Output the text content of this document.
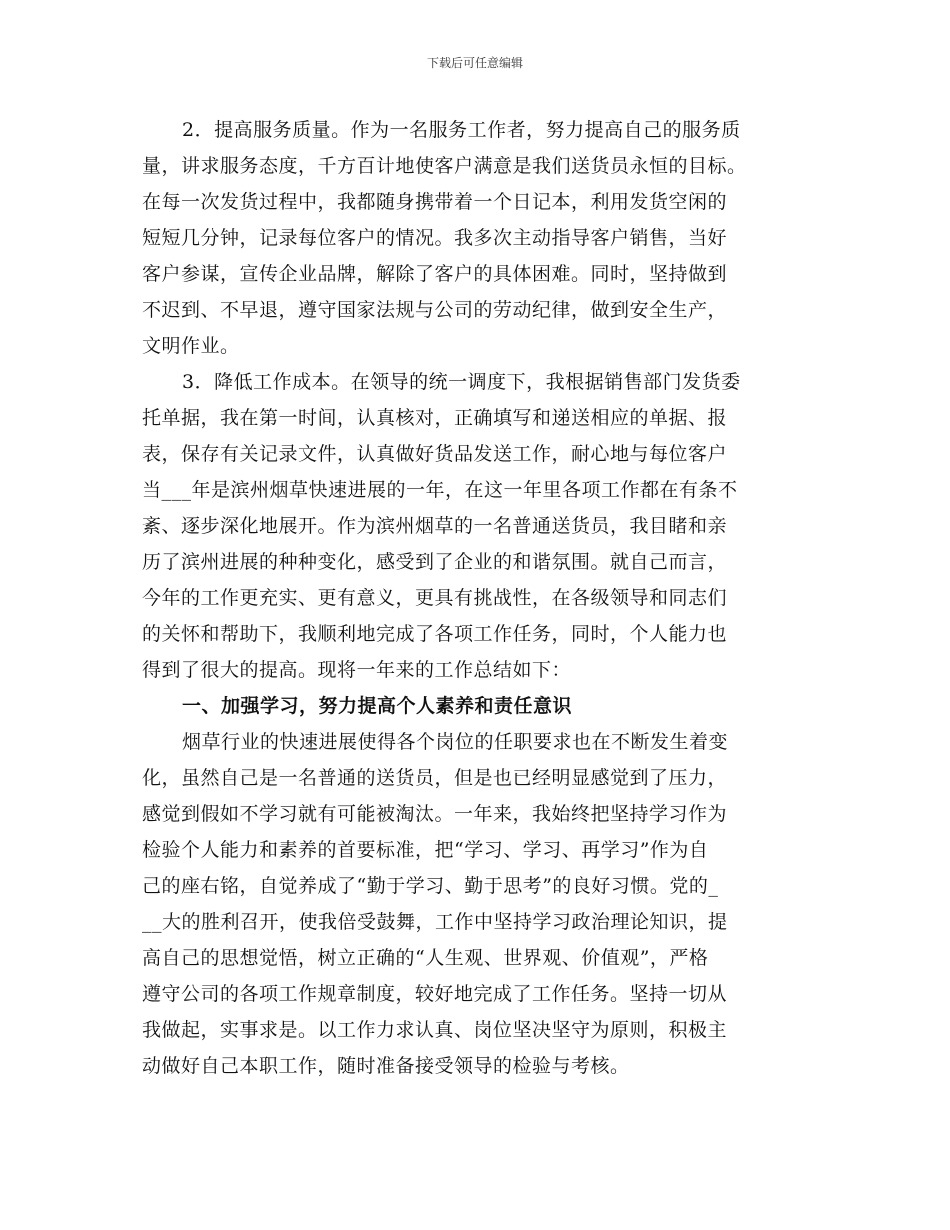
下载后可任意编辑
2．提高服务质量。作为一名服务工作者，努力提高自己的服务质
量，讲求服务态度，千方百计地使客户满意是我们送货员永恒的目标。
在每一次发货过程中，我都随身携带着一个日记本，利用发货空闲的
短短几分钟，记录每位客户的情况。我多次主动指导客户销售，当好
客户参谋，宣传企业品牌，解除了客户的具体困难。同时，坚持做到
不迟到、不早退，遵守国家法规与公司的劳动纪律，做到安全生产，
文明作业。
3．降低工作成本。在领导的统一调度下，我根据销售部门发货委
托单据，我在第一时间，认真核对，正确填写和递送相应的单据、报
表，保存有关记录文件，认真做好货品发送工作，耐心地与每位客户
当___年是滨州烟草快速进展的一年，在这一年里各项工作都在有条不
紊、逐步深化地展开。作为滨州烟草的一名普通送货员，我目睹和亲
历了滨州进展的种种变化，感受到了企业的和谐氛围。就自己而言，
今年的工作更充实、更有意义，更具有挑战性，在各级领导和同志们
的关怀和帮助下，我顺利地完成了各项工作任务，同时，个人能力也
得到了很大的提高。现将一年来的工作总结如下：
一、加强学习，努力提高个人素养和责任意识
烟草行业的快速进展使得各个岗位的任职要求也在不断发生着变
化，虽然自己是一名普通的送货员，但是也已经明显感觉到了压力，
感觉到假如不学习就有可能被淘汰。一年来，我始终把坚持学习作为
检验个人能力和素养的首要标准，把“学习、学习、再学习”作为自
己的座右铭，自觉养成了“勤于学习、勤于思考”的良好习惯。党的_
__大的胜利召开，使我倍受鼓舞，工作中坚持学习政治理论知识，提
高自己的思想觉悟，树立正确的“人生观、世界观、价值观”，严格
遵守公司的各项工作规章制度，较好地完成了工作任务。坚持一切从
我做起，实事求是。以工作力求认真、岗位坚决坚守为原则，积极主
动做好自己本职工作，随时准备接受领导的检验与考核。
